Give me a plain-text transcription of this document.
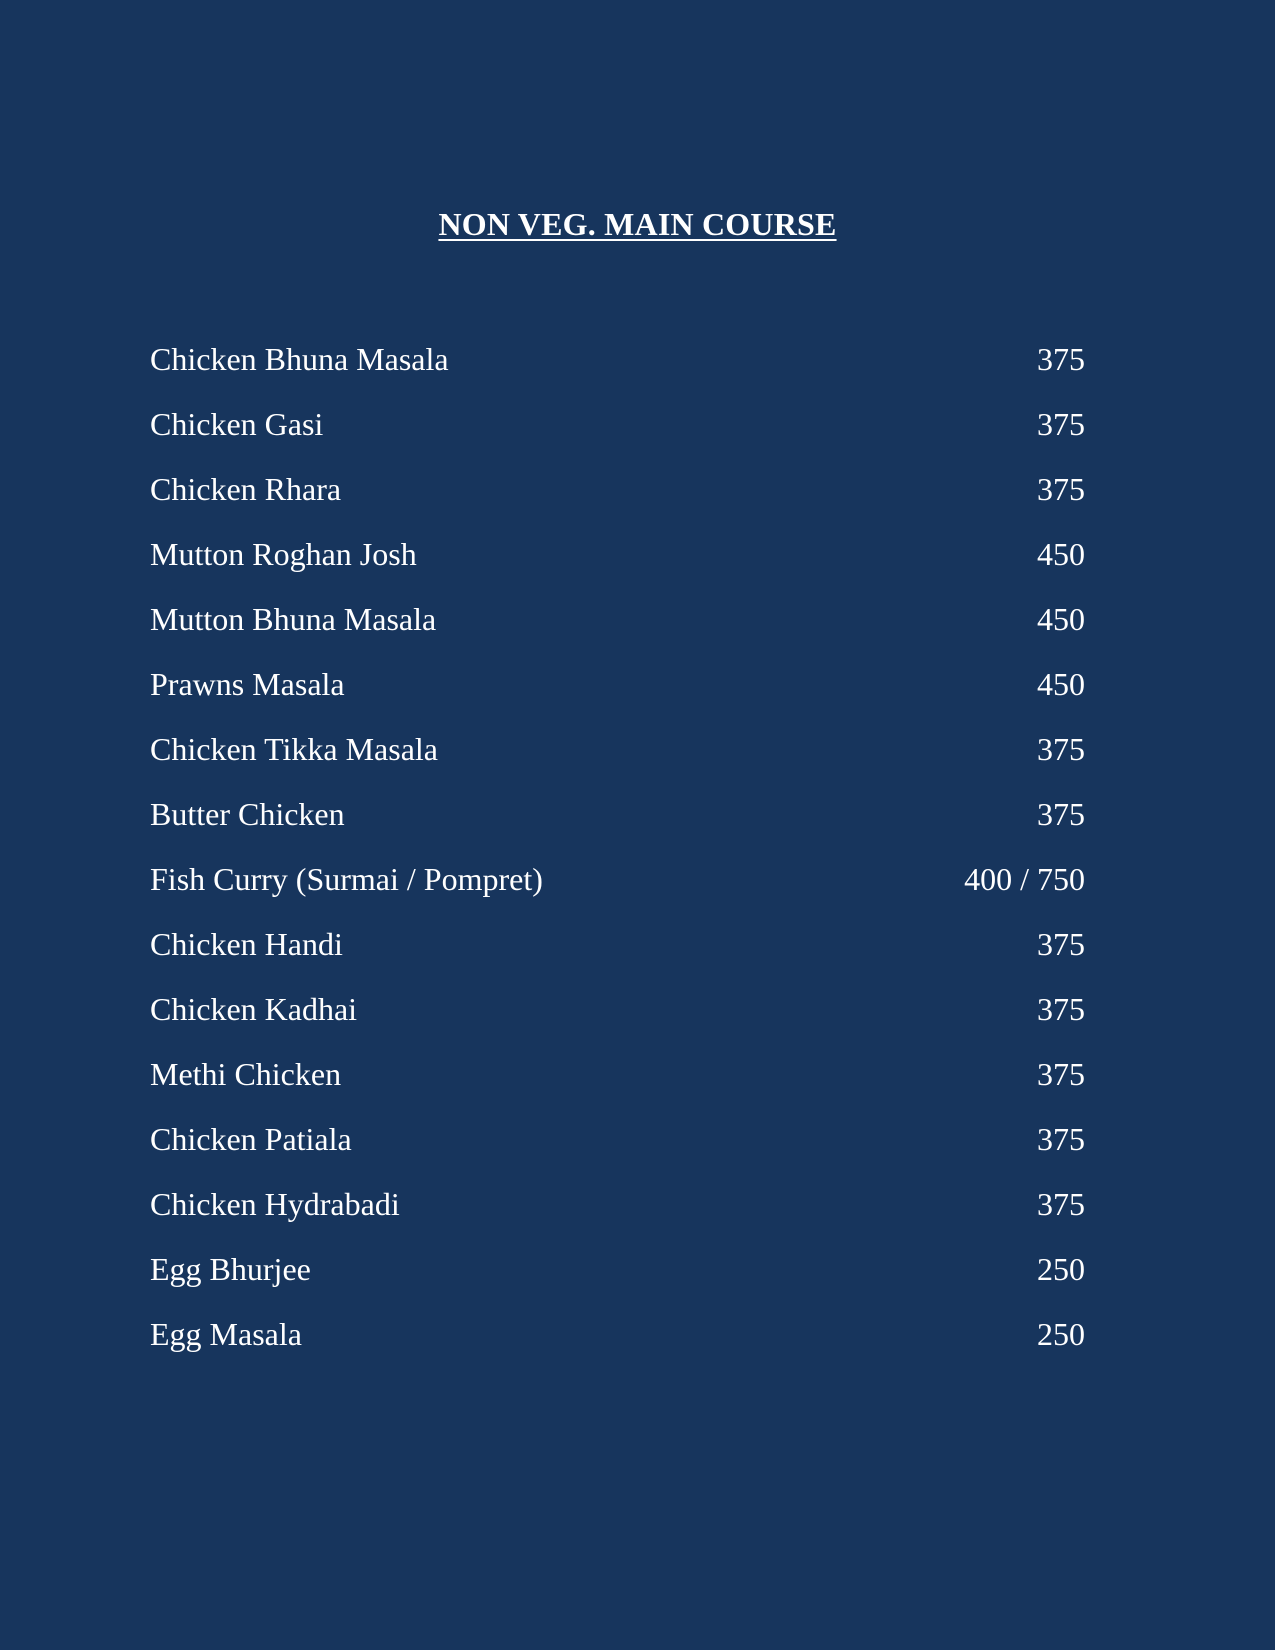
NON VEG. MAIN COURSE
Chicken Bhuna Masala	375
Chicken Gasi	375
Chicken Rhara	375
Mutton Roghan Josh	450
Mutton Bhuna Masala	450
Prawns Masala	450
Chicken Tikka Masala	375
Butter Chicken	375
Fish Curry (Surmai / Pompret)	400 / 750
Chicken Handi	375
Chicken Kadhai	375
Methi Chicken	375
Chicken Patiala	375
Chicken Hydrabadi	375
Egg Bhurjee	250
Egg Masala	250
